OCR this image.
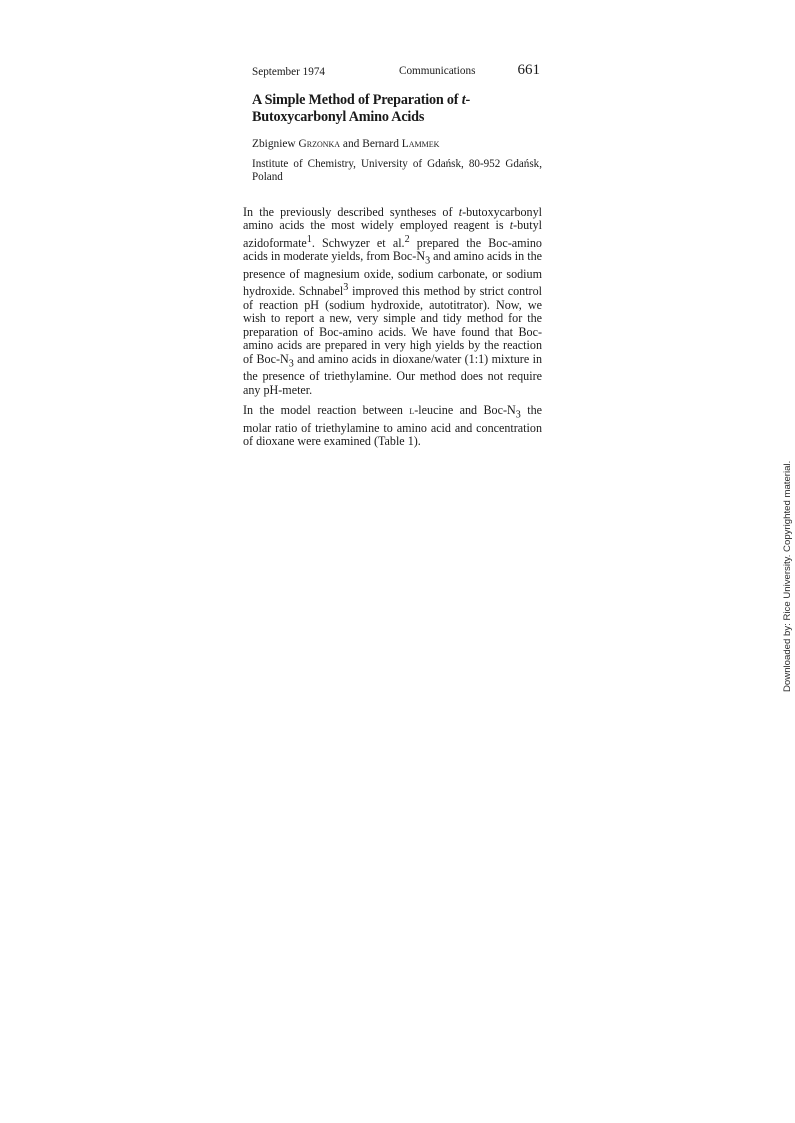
September 1974	Communications	661
A Simple Method of Preparation of t-Butoxycarbonyl Amino Acids
Zbigniew Grzonka and Bernard Lammek
Institute of Chemistry, University of Gdańsk, 80-952 Gdańsk, Poland

In the previously described syntheses of t-butoxycarbonyl amino acids the most widely employed reagent is t-butyl azidoformate$^1$. Schwyzer et al.$^2$ prepared the Boc-amino acids in moderate yields, from Boc-$N_3$ and amino acids in the presence of magnesium oxide, sodium carbonate, or sodium hydroxide. Schnabel$^3$ improved this method by strict control of reaction pH (sodium hydroxide, autotitrator). Now, we wish to report a new, very simple and tidy method for the preparation of Boc-amino acids. We have found that Boc-amino acids are prepared in very high yields by the reaction of Boc-$N_3$ and amino acids in dioxane/water (1:1) mixture in the presence of triethylamine. Our method does not require any pH-meter.

In the model reaction between l-leucine and Boc-$N_3$ the molar ratio of triethylamine to amino acid and concentration of dioxane were examined (Table 1).

Downloaded by: Rice University. Copyrighted material.
